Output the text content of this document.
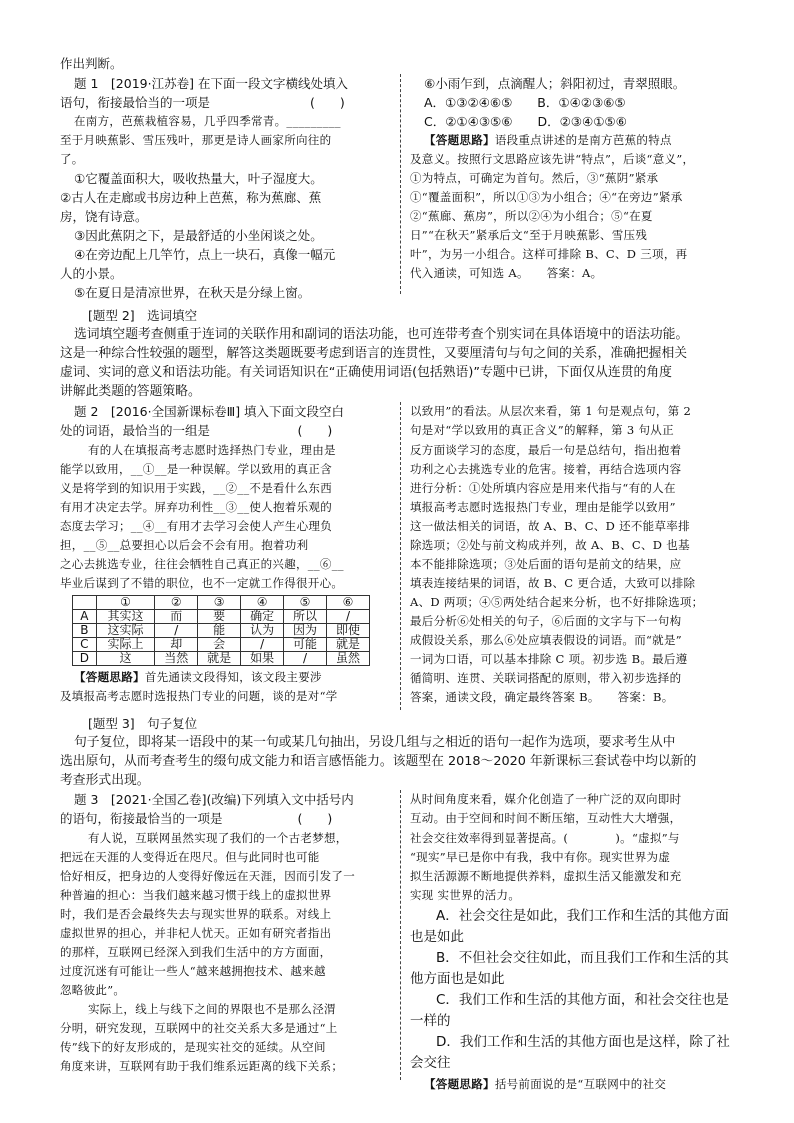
作出判断。
题 1　[2019·江苏卷] 在下面一段文字横线处填入
语句，衔接最恰当的一项是　　　　　　　　(　　)
在南方，芭蕉栽植容易，几乎四季常青。_________
至于月映蕉影、雪压残叶，那更是诗人画家所向往的
了。
①它覆盖面积大，吸收热量大，叶子湿度大。
②古人在走廊或书房边种上芭蕉，称为蕉廊、蕉
房，饶有诗意。
③因此蕉阴之下，是最舒适的小坐闲谈之处。
④在旁边配上几竿竹，点上一块石，真像一幅元
人的小景。
⑤在夏日是清凉世界，在秋天是分绿上窗。
⑥小雨乍到，点滴醒人；斜阳初过，青翠照眼。
A．①③②④⑥⑤　　B．①④②③⑥⑤
C．②①④③⑤⑥　　D．②③④①⑤⑥
【答题思路】语段重点讲述的是南方芭蕉的特点
及意义。按照行文思路应该先讲“特点”，后谈“意义”，
①为特点，可确定为首句。然后，③“蕉阴”紧承
①“覆盖面积”，所以①③为小组合；④“在旁边”紧承
②“蕉廊、蕉房”，所以②④为小组合；⑤“在夏
日”“在秋天”紧承后文“至于月映蕉影、雪压残
叶”，为另一小组合。这样可排除 B、C、D 三项，再
代入通读，可知选 A。　　答案：A。
[题型 2]　选词填空
选词填空题考查侧重于连词的关联作用和副词的语法功能，也可连带考查个别实词在具体语境中的语法功能。
这是一种综合性较强的题型，解答这类题既要考虑到语言的连贯性，又要厘清句与句之间的关系，准确把握相关
虚词、实词的意义和语法功能。有关词语知识在“正确使用词语(包括熟语)”专题中已讲，下面仅从连贯的角度
讲解此类题的答题策略。
题 2　[2016·全国新课标卷Ⅲ] 填入下面文段空白
处的词语，最恰当的一组是　　　　　　　(　　)
有的人在填报高考志愿时选择热门专业，理由是
能学以致用，__①__是一种误解。学以致用的真正含
义是将学到的知识用于实践，__②__不是看什么东西
有用才决定去学。屏弃功利性__③__使人抱着乐观的
态度去学习；__④__有用才去学习会使人产生心理负
担，__⑤__总要担心以后会不会有用。抱着功利
之心去挑选专业，往往会牺牲自己真正的兴趣，__⑥__
毕业后谋到了不错的职位，也不一定就工作得很开心。
	①	②	③	④	⑤	⑥
A	其实这	而	要	确定	所以	/
B	这实际	/	能	认为	因为	即使
C	实际上	却	会	/	可能	就是
D	这	当然	就是	如果	/	虽然
【答题思路】首先通读文段得知，该文段主要涉
及填报高考志愿时选报热门专业的问题，谈的是对“学
以致用”的看法。从层次来看，第 1 句是观点句，第 2
句是对“学以致用的真正含义”的解释，第 3 句从正
反方面谈学习的态度，最后一句是总结句，指出抱着
功利之心去挑选专业的危害。接着，再结合选项内容
进行分析：①处所填内容应是用来代指与“有的人在
填报高考志愿时选报热门专业，理由是能学以致用”
这一做法相关的词语，故 A、B、C、D 还不能草率排
除选项；②处与前文构成并列，故 A、B、C、D 也基
本不能排除选项；③处后面的语句是前文的结果，应
填表连接结果的词语，故 B、C 更合适，大致可以排除
A、D 两项；④⑤两处结合起来分析，也不好排除选项；
最后分析⑥处相关的句子，⑥后面的文字与下一句构
成假设关系，那么⑥处应填表假设的词语。而“就是”
一词为口语，可以基本排除 C 项。初步选 B。最后遵
循简明、连贯、关联词搭配的原则，带入初步选择的
答案，通读文段，确定最终答案 B。　　答案：B。
[题型 3]　句子复位
句子复位，即将某一语段中的某一句或某几句抽出，另设几组与之相近的语句一起作为选项，要求考生从中
选出原句，从而考查考生的缀句成文能力和语言感悟能力。该题型在 2018～2020 年新课标三套试卷中均以新的
考查形式出现。
题 3　[2021·全国乙卷](改编)下列填入文中括号内
的语句，衔接最恰当的一项是　　　　　　(　　)
有人说，互联网虽然实现了我们的一个古老梦想，
把远在天涯的人变得近在咫尺。但与此同时也可能
恰好相反，把身边的人变得好像远在天涯，因而引发了一
种普遍的担心：当我们越来越习惯于线上的虚拟世界
时，我们是否会最终失去与现实世界的联系。对线上
虚拟世界的担心，并非杞人忧天。正如有研究者指出
的那样，互联网已经深入到我们生活中的方方面面，
过度沉迷有可能让一些人“越来越拥抱技术、越来越
忽略彼此”。
实际上，线上与线下之间的界限也不是那么泾渭
分明，研究发现，互联网中的社交关系大多是通过“上
传”线下的好友形成的，是现实社交的延续。从空间
角度来讲，互联网有助于我们维系远距离的线下关系；
从时间角度来看，媒介化创造了一种广泛的双向即时
互动。由于空间和时间不断压缩，互动性大大增强，
社会交往效率得到显著提高。(　　　　)。“虚拟”与
“现实”早已是你中有我，我中有你。现实世界为虚
拟生活源源不断地提供养料，虚拟生活又能激发和充
实现 实世界的活力。
A．社会交往是如此，我们工作和生活的其他方面
也是如此
B．不但社会交往如此，而且我们工作和生活的其
他方面也是如此
C．我们工作和生活的其他方面，和社会交往也是
一样的
D．我们工作和生活的其他方面也是这样，除了社
会交往
【答题思路】括号前面说的是“互联网中的社交
